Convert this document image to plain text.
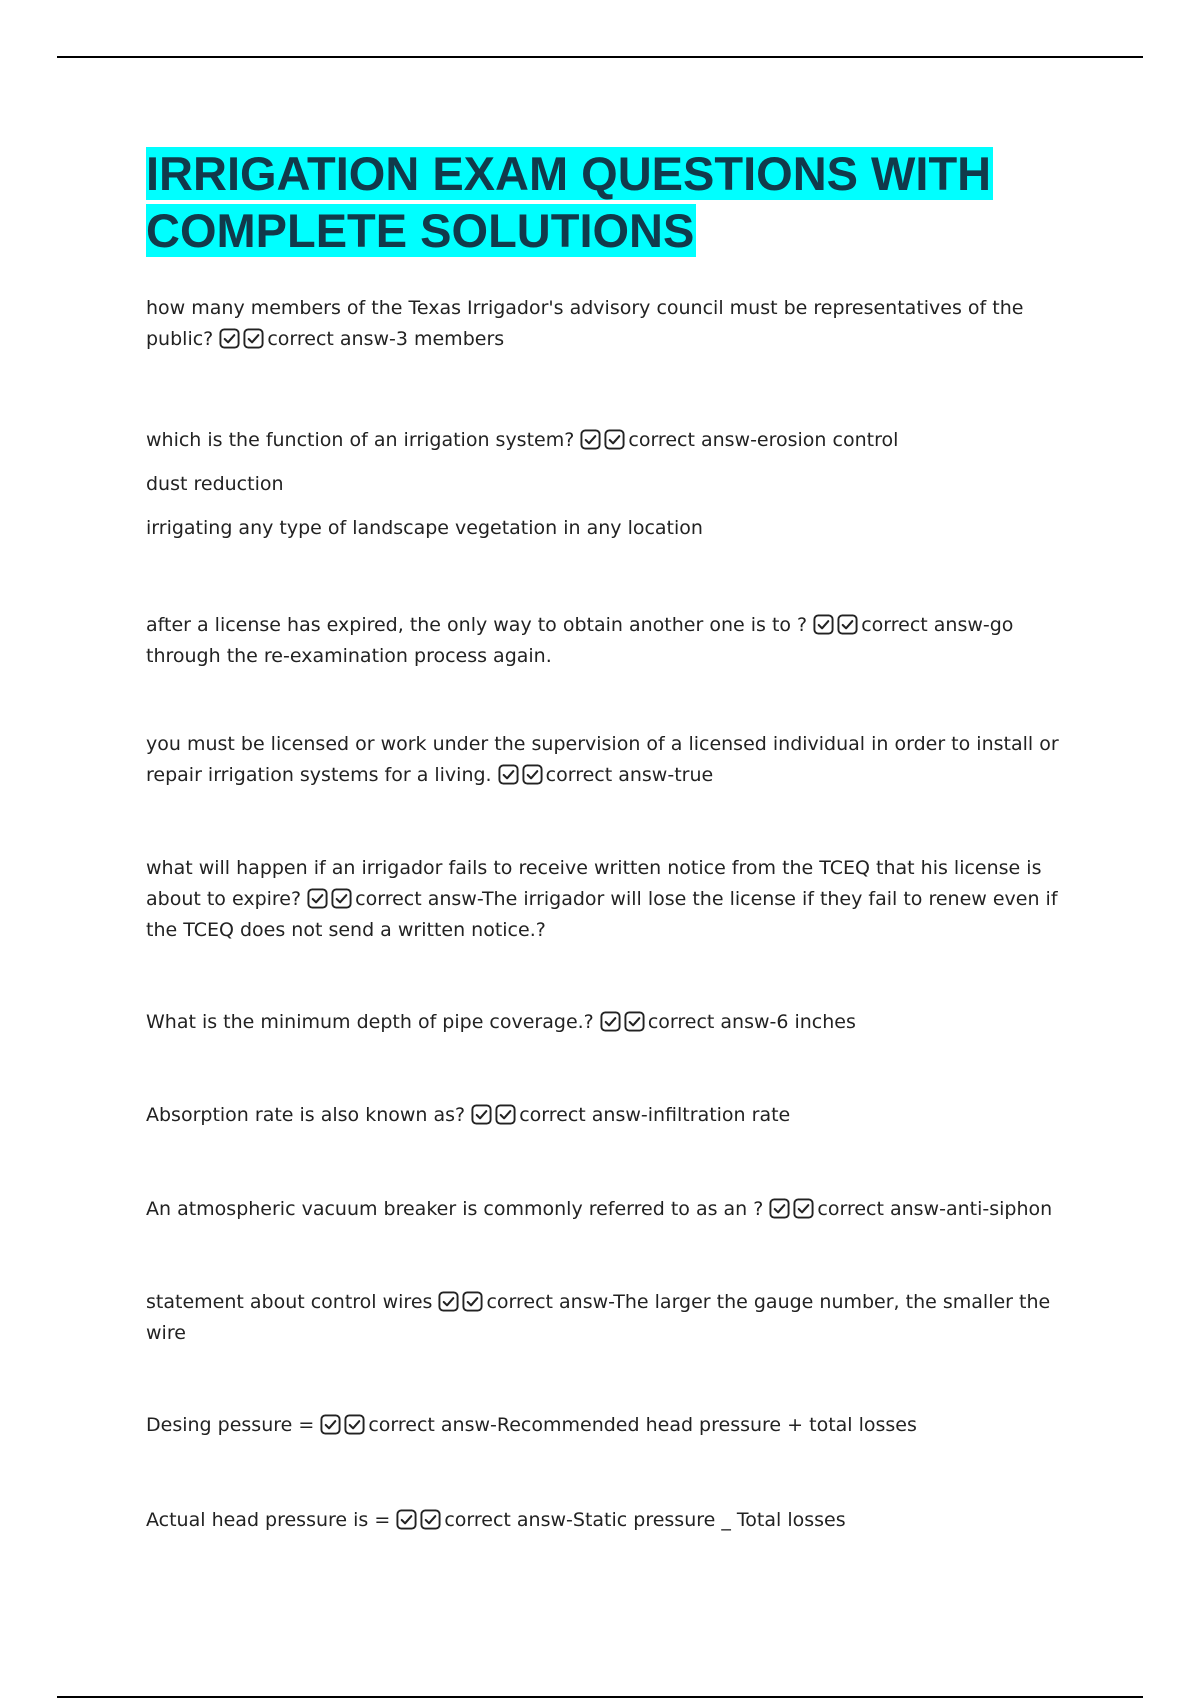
IRRIGATION EXAM QUESTIONS WITH
COMPLETE SOLUTIONS

how many members of the Texas Irrigador's advisory council must be representatives of the public?	correct answ-3 members

which is the function of an irrigation system?	correct answ-erosion control

dust reduction

irrigating any type of landscape vegetation in any location

after a license has expired, the only way to obtain another one is to ?	correct answ-go through the re-examination process again.

you must be licensed or work under the supervision of a licensed individual in order to install or repair irrigation systems for a living.	correct answ-true

what will happen if an irrigador fails to receive written notice from the TCEQ that his license is about to expire?	correct answ-The irrigador will lose the license if they fail to renew even if the TCEQ does not send a written notice.?

What is the minimum depth of pipe coverage.?	correct answ-6 inches

Absorption rate is also known as?	correct answ-infiltration rate

An atmospheric vacuum breaker is commonly referred to as an ?	correct answ-anti-siphon

statement about control wires	correct answ-The larger the gauge number, the smaller the wire

Desing pessure =	correct answ-Recommended head pressure + total losses

Actual head pressure is =	correct answ-Static pressure _ Total losses
